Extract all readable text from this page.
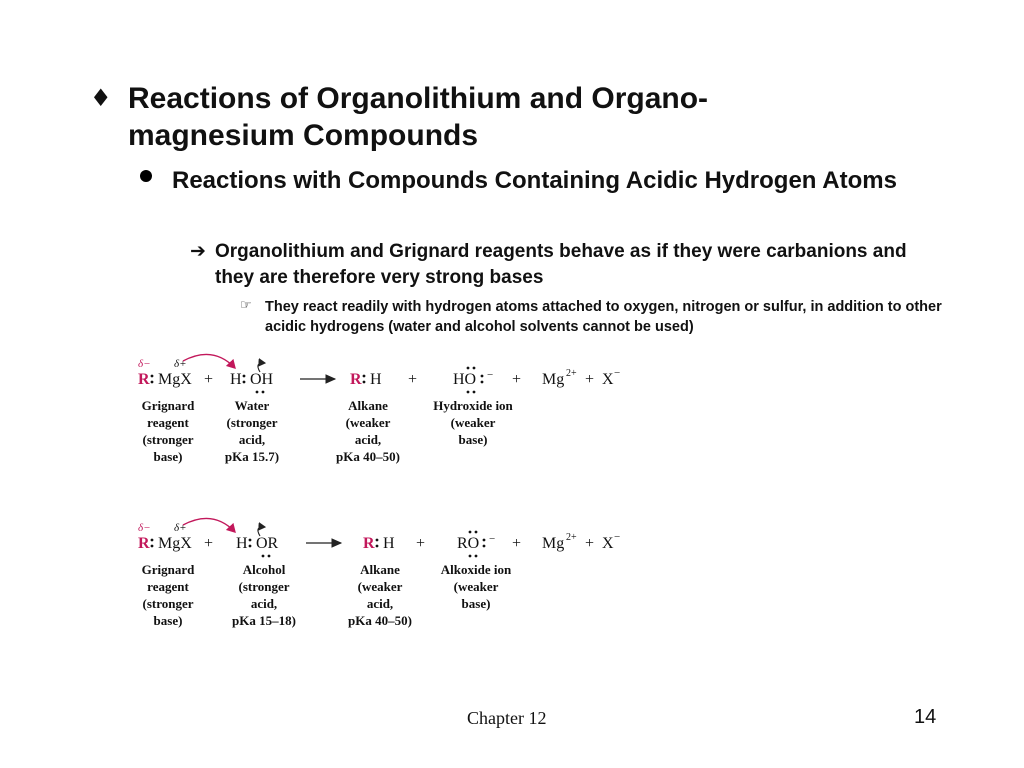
♦ Reactions of Organolithium and Organo-magnesium Compounds
Reactions with Compounds Containing Acidic Hydrogen Atoms
➔ Organolithium and Grignard reagents behave as if they were carbanions and they are therefore very strong bases
☞ They react readily with hydrogen atoms attached to oxygen, nitrogen or sulfur, in addition to other acidic hydrogens (water and alcohol solvents cannot be used)
δ− δ+
R MgX + H OH	R H + HO − + Mg 2+ + X −
Grignard
reagent
(stronger
base)
Water
(stronger
acid,
pKa 15.7)
Alkane
(weaker
acid,
pKa 40–50)
Hydroxide ion
(weaker
base)
δ− δ+
R MgX + H OR	R H + RO − + Mg 2+ + X −
Grignard
reagent
(stronger
base)
Alcohol
(stronger
acid,
pKa 15–18)
Alkane
(weaker
acid,
pKa 40–50)
Alkoxide ion
(weaker
base)
Chapter 12	14
